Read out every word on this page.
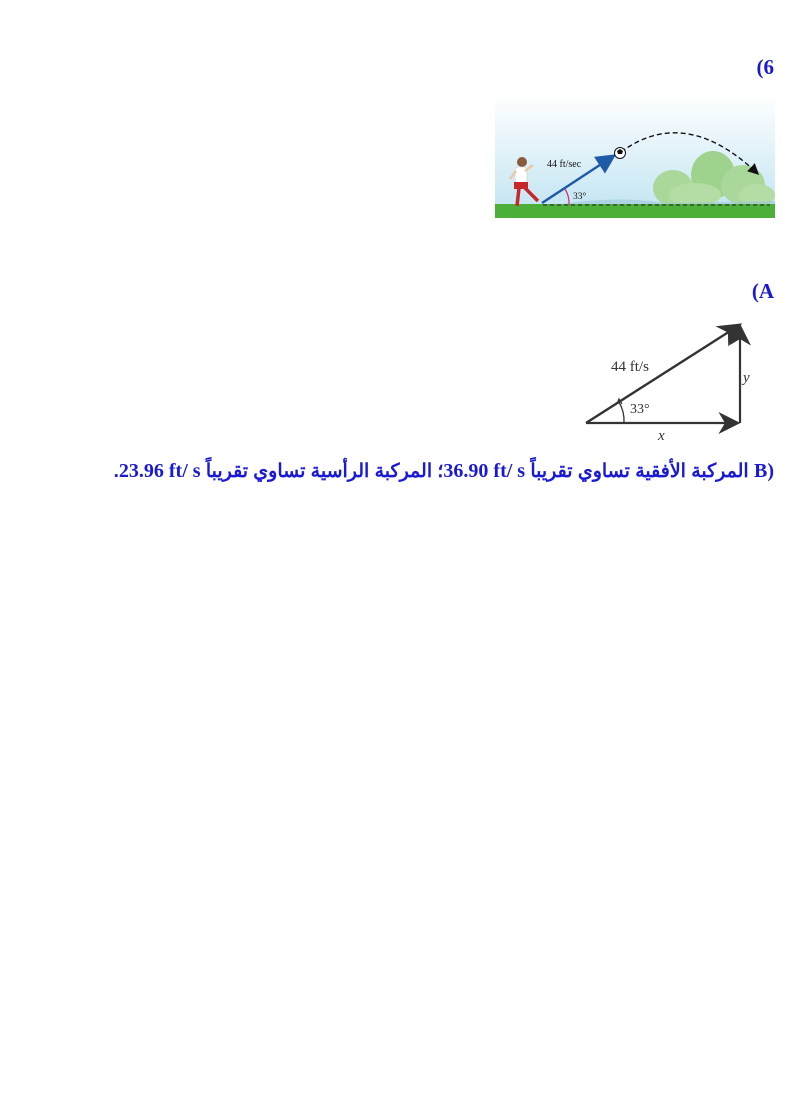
(6
44 ft/sec
33°
(A
44 ft/s
33°
x
y
B) المركبة الأفقية تساوي تقريباً 36.90 ft/ s؛ المركبة الرأسية تساوي تقريباً 23.96 ft/ s.
